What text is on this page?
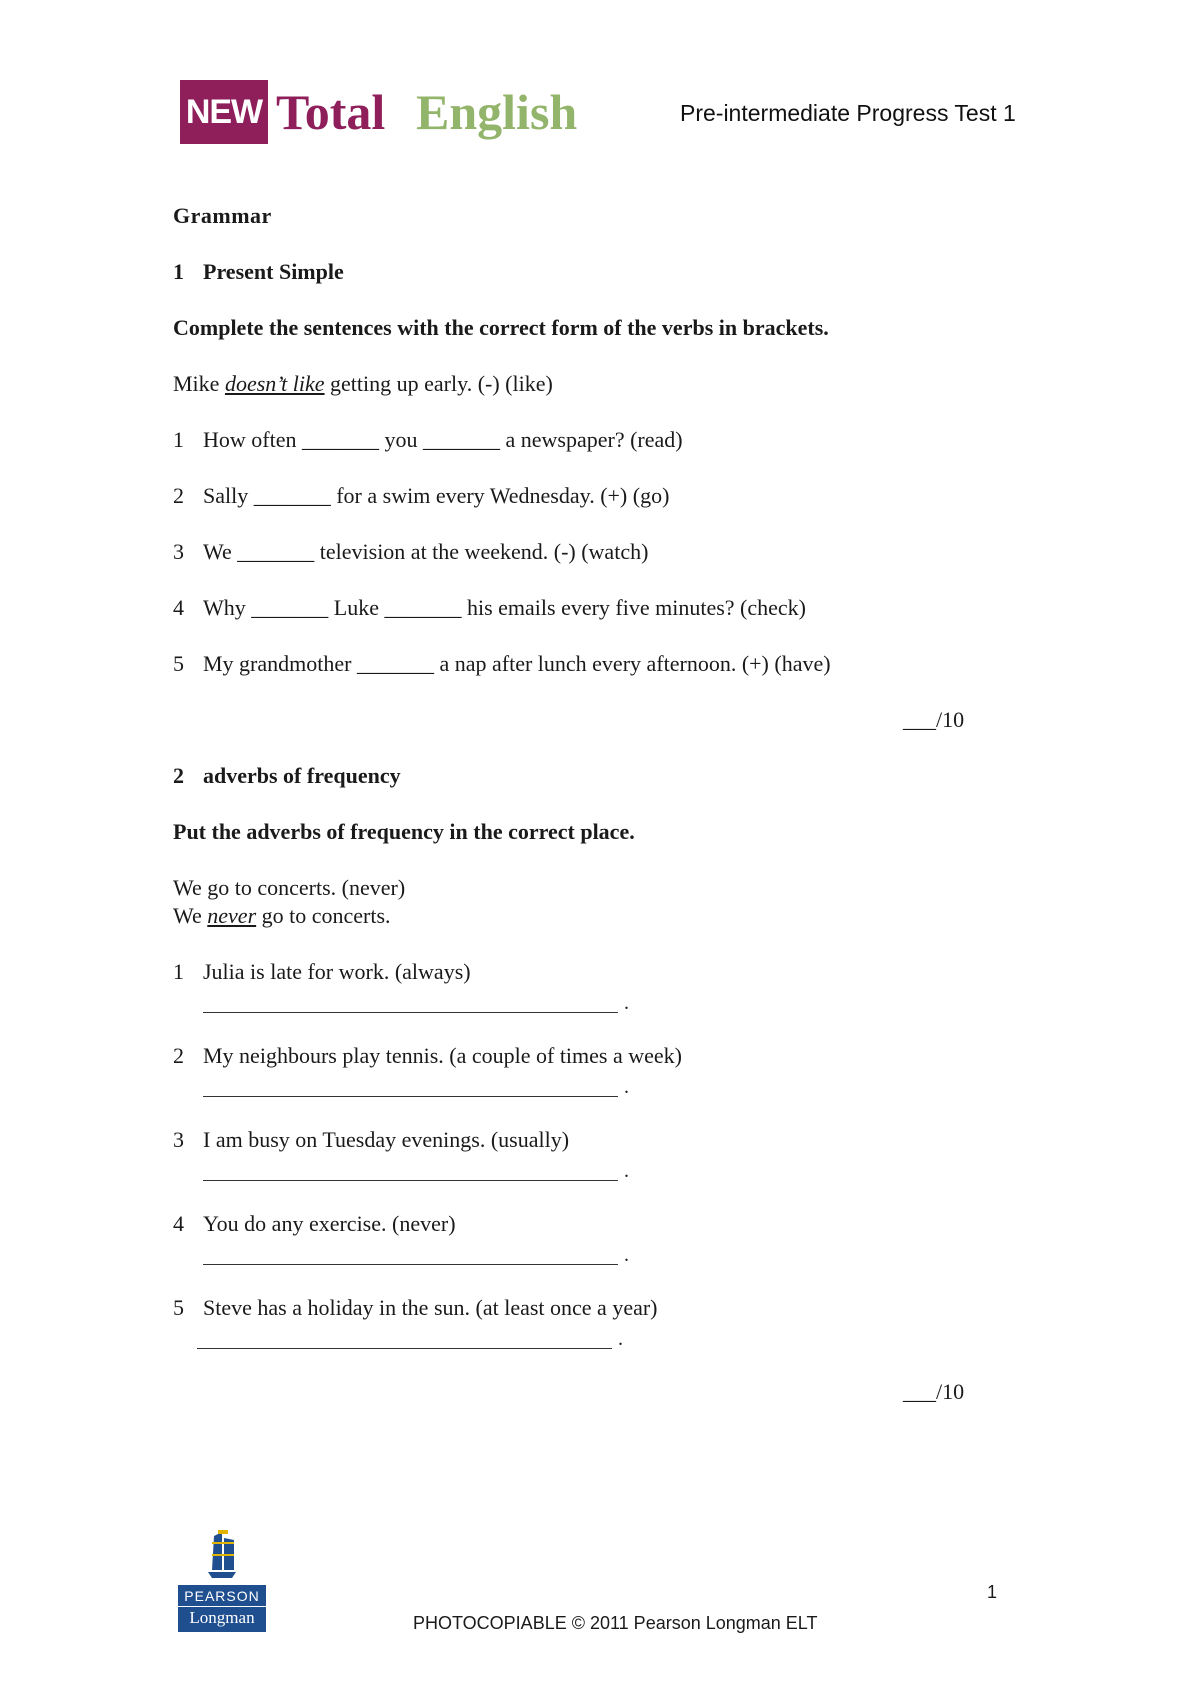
NEW Total English	Pre-intermediate Progress Test 1
Grammar
1 Present Simple
Complete the sentences with the correct form of the verbs in brackets.
Mike doesn’t like getting up early. (-) (like)
1 How often _______ you _______ a newspaper? (read)
2 Sally _______ for a swim every Wednesday. (+) (go)
3 We _______ television at the weekend. (-) (watch)
4 Why _______ Luke _______ his emails every five minutes? (check)
5 My grandmother _______ a nap after lunch every afternoon. (+) (have)
___/10
2 adverbs of frequency
Put the adverbs of frequency in the correct place.
We go to concerts. (never)
We never go to concerts.
1 Julia is late for work. (always)
.
2 My neighbours play tennis. (a couple of times a week)
.
3 I am busy on Tuesday evenings. (usually)
.
4 You do any exercise. (never)
.
5 Steve has a holiday in the sun. (at least once a year)
.
___/10
PEARSON
Longman
1
PHOTOCOPIABLE © 2011 Pearson Longman ELT
